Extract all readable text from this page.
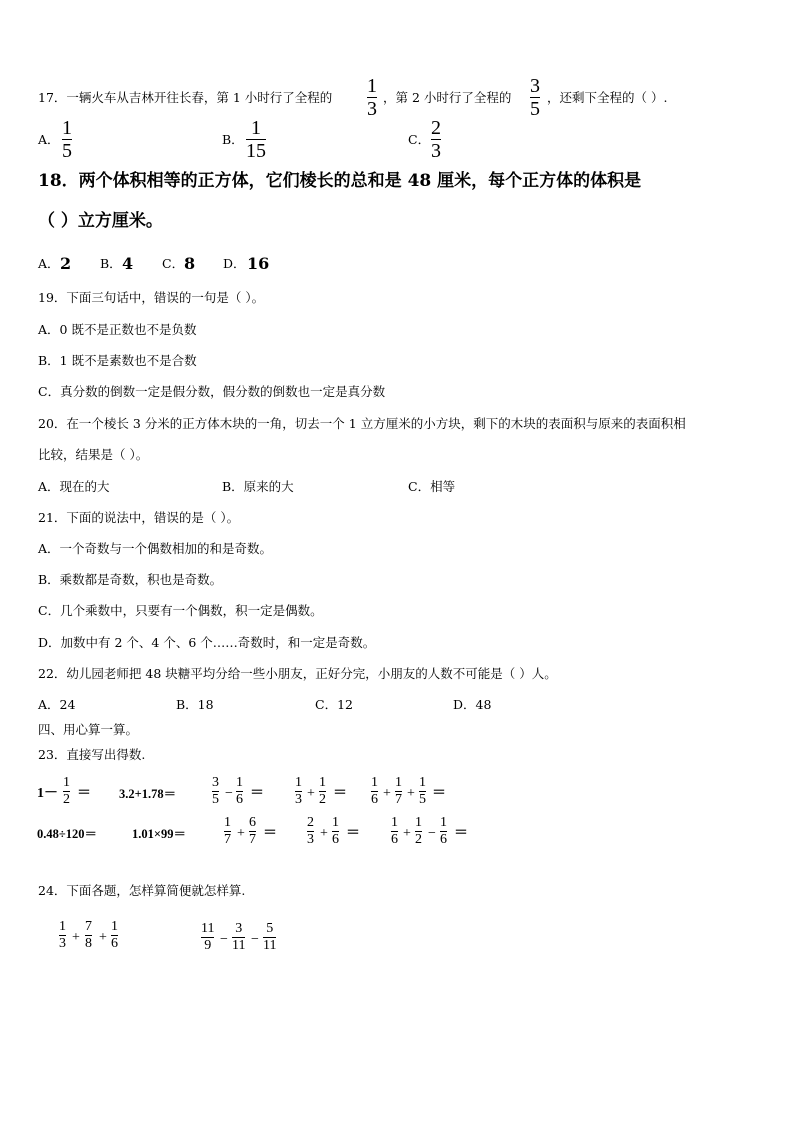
17．一辆火车从吉林开往长春，第 1 小时行了全程的
1
3
，第 2 小时行了全程的
3
5
，还剩下全程的（ ）.
A．
1
5
B．
1
15
C．
2
3
18．两个体积相等的正方体，它们棱长的总和是 48 厘米，每个正方体的体积是
（ ）立方厘米。
A． 2 B． 4 C． 8 D． 16
19．下面三句话中，错误的一句是（ ）。
A．0 既不是正数也不是负数
B．1 既不是素数也不是合数
C．真分数的倒数一定是假分数，假分数的倒数也一定是真分数
20．在一个棱长 3 分米的正方体木块的一角，切去一个 1 立方厘米的小方块，剩下的木块的表面积与原来的表面积相
比较，结果是（ ）。
A．现在的大	B．原来的大	C．相等
21．下面的说法中，错误的是（ ）。
A．一个奇数与一个偶数相加的和是奇数。
B．乘数都是奇数，积也是奇数。
C．几个乘数中，只要有一个偶数，积一定是偶数。
D．加数中有 2 个、4 个、6 个……奇数时，和一定是奇数。
22．幼儿园老师把 48 块糖平均分给一些小朋友，正好分完，小朋友的人数不可能是（ ）人。
A．24	B．18	C．12	D．48
四、用心算一算。
23．直接写出得数.
1－
1
2 ＝ 3.2+1.78＝
3
5 −
1
6 ＝
1
3 +
1
2 ＝
1
6 +
1
7 +
1
5 ＝
0.48÷120＝	1.01×99＝
1
7 +
6
7 ＝
2
3 +
1
6 ＝
1
6 +
1
2 −
1
6 ＝
24．下面各题，怎样算简便就怎样算.
1
3 +
7
8 +
1
6
11
9 −
3
11 −
5
11
